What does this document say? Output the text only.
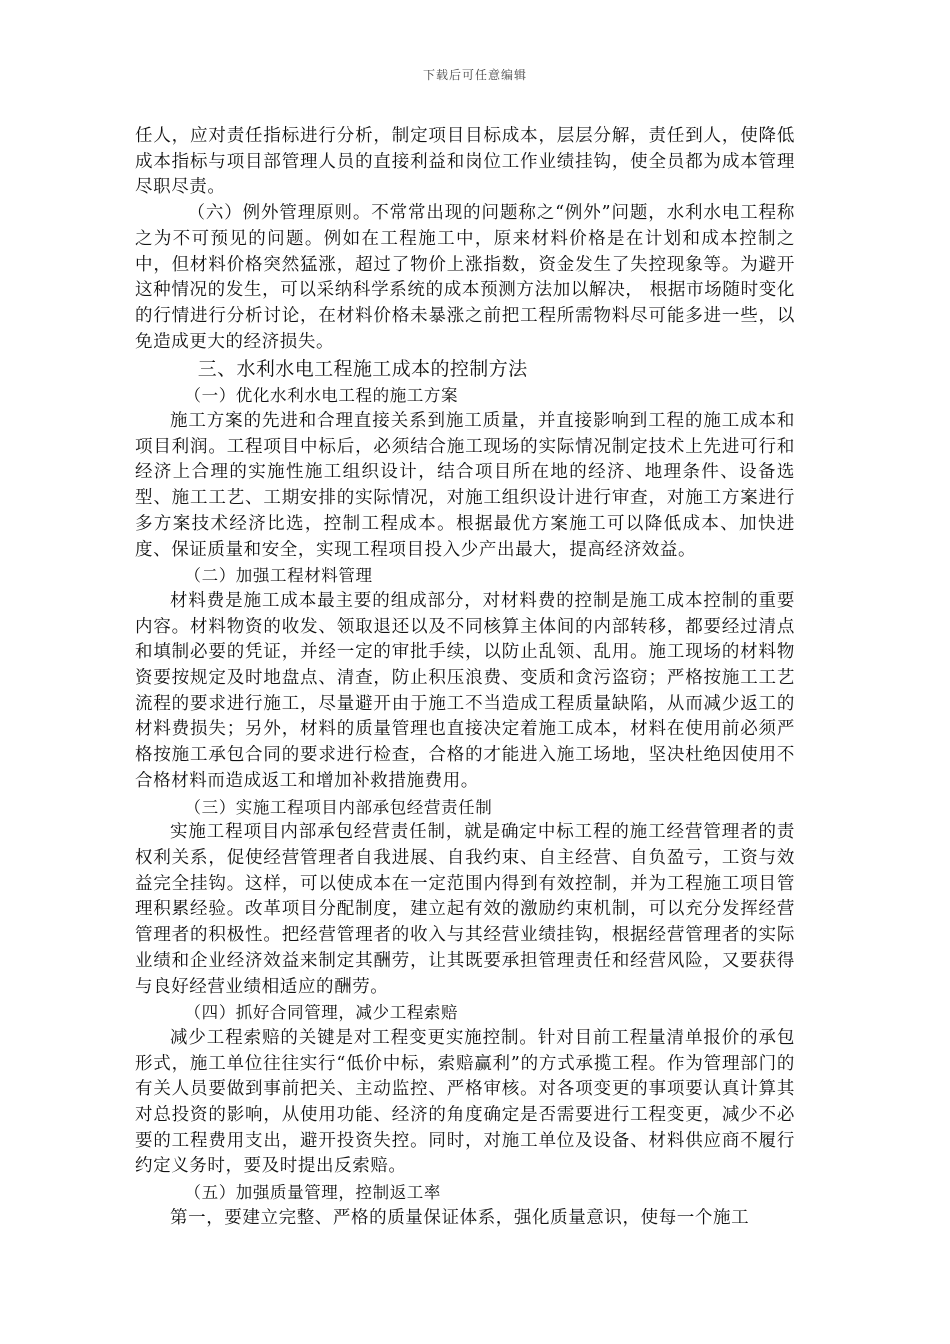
下载后可任意编辑

任人，应对责任指标进行分析，制定项目目标成本，层层分解，责任到人，使降低成本指标与项目部管理人员的直接利益和岗位工作业绩挂钩，使全员都为成本管理尽职尽责。

（六）例外管理原则。不常常出现的问题称之“例外”问题，水利水电工程称之为不可预见的问题。例如在工程施工中，原来材料价格是在计划和成本控制之中，但材料价格突然猛涨，超过了物价上涨指数，资金发生了失控现象等。为避开这种情况的发生，可以采纳科学系统的成本预测方法加以解决， 根据市场随时变化的行情进行分析讨论，在材料价格未暴涨之前把工程所需物料尽可能多进一些，以免造成更大的经济损失。

三、水利水电工程施工成本的控制方法

（一）优化水利水电工程的施工方案

施工方案的先进和合理直接关系到施工质量，并直接影响到工程的施工成本和项目利润。工程项目中标后，必须结合施工现场的实际情况制定技术上先进可行和经济上合理的实施性施工组织设计，结合项目所在地的经济、地理条件、设备选型、施工工艺、工期安排的实际情况，对施工组织设计进行审查，对施工方案进行多方案技术经济比选，控制工程成本。根据最优方案施工可以降低成本、加快进度、保证质量和安全，实现工程项目投入少产出最大，提高经济效益。

（二）加强工程材料管理

材料费是施工成本最主要的组成部分，对材料费的控制是施工成本控制的重要内容。材料物资的收发、领取退还以及不同核算主体间的内部转移，都要经过清点和填制必要的凭证，并经一定的审批手续，以防止乱领、乱用。施工现场的材料物资要按规定及时地盘点、清查，防止积压浪费、变质和贪污盗窃；严格按施工工艺流程的要求进行施工，尽量避开由于施工不当造成工程质量缺陷，从而减少返工的材料费损失；另外，材料的质量管理也直接决定着施工成本，材料在使用前必须严格按施工承包合同的要求进行检查，合格的才能进入施工场地，坚决杜绝因使用不合格材料而造成返工和增加补救措施费用。

（三）实施工程项目内部承包经营责任制

实施工程项目内部承包经营责任制，就是确定中标工程的施工经营管理者的责权利关系，促使经营管理者自我进展、自我约束、自主经营、自负盈亏，工资与效益完全挂钩。这样，可以使成本在一定范围内得到有效控制，并为工程施工项目管理积累经验。改革项目分配制度，建立起有效的激励约束机制，可以充分发挥经营管理者的积极性。把经营管理者的收入与其经营业绩挂钩，根据经营管理者的实际业绩和企业经济效益来制定其酬劳，让其既要承担管理责任和经营风险，又要获得与良好经营业绩相适应的酬劳。

（四）抓好合同管理，减少工程索赔

减少工程索赔的关键是对工程变更实施控制。针对目前工程量清单报价的承包形式，施工单位往往实行“低价中标，索赔赢利”的方式承揽工程。作为管理部门的有关人员要做到事前把关、主动监控、严格审核。对各项变更的事项要认真计算其对总投资的影响，从使用功能、经济的角度确定是否需要进行工程变更，减少不必要的工程费用支出，避开投资失控。同时，对施工单位及设备、材料供应商不履行约定义务时，要及时提出反索赔。

（五）加强质量管理，控制返工率

第一，要建立完整、严格的质量保证体系，强化质量意识，使每一个施工
